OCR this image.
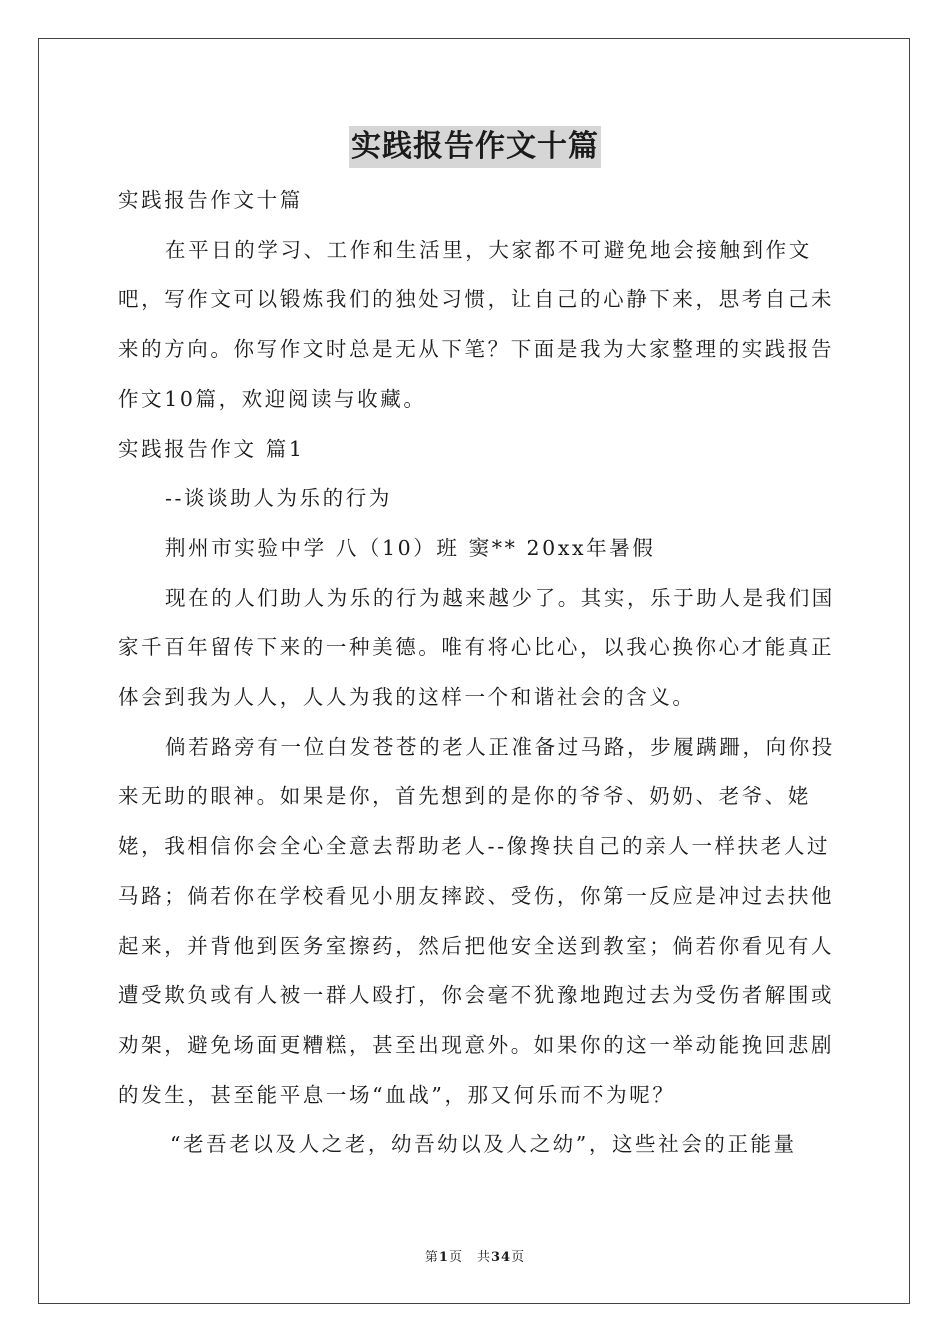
实践报告作文十篇

实践报告作文十篇

在平日的学习、工作和生活里，大家都不可避免地会接触到作文吧，写作文可以锻炼我们的独处习惯，让自己的心静下来，思考自己未来的方向。你写作文时总是无从下笔？下面是我为大家整理的实践报告作文10篇，欢迎阅读与收藏。

实践报告作文 篇1

--谈谈助人为乐的行为

荆州市实验中学 八（10）班 窦** 20xx年暑假

现在的人们助人为乐的行为越来越少了。其实，乐于助人是我们国家千百年留传下来的一种美德。唯有将心比心，以我心换你心才能真正体会到我为人人，人人为我的这样一个和谐社会的含义。

倘若路旁有一位白发苍苍的老人正准备过马路，步履蹒跚，向你投来无助的眼神。如果是你，首先想到的是你的爷爷、奶奶、老爷、姥姥，我相信你会全心全意去帮助老人--像搀扶自己的亲人一样扶老人过马路；倘若你在学校看见小朋友摔跤、受伤，你第一反应是冲过去扶他起来，并背他到医务室擦药，然后把他安全送到教室；倘若你看见有人遭受欺负或有人被一群人殴打，你会毫不犹豫地跑过去为受伤者解围或劝架，避免场面更糟糕，甚至出现意外。如果你的这一举动能挽回悲剧的发生，甚至能平息一场“血战”，那又何乐而不为呢？

“老吾老以及人之老，幼吾幼以及人之幼”，这些社会的正能量

第1页　共34页
